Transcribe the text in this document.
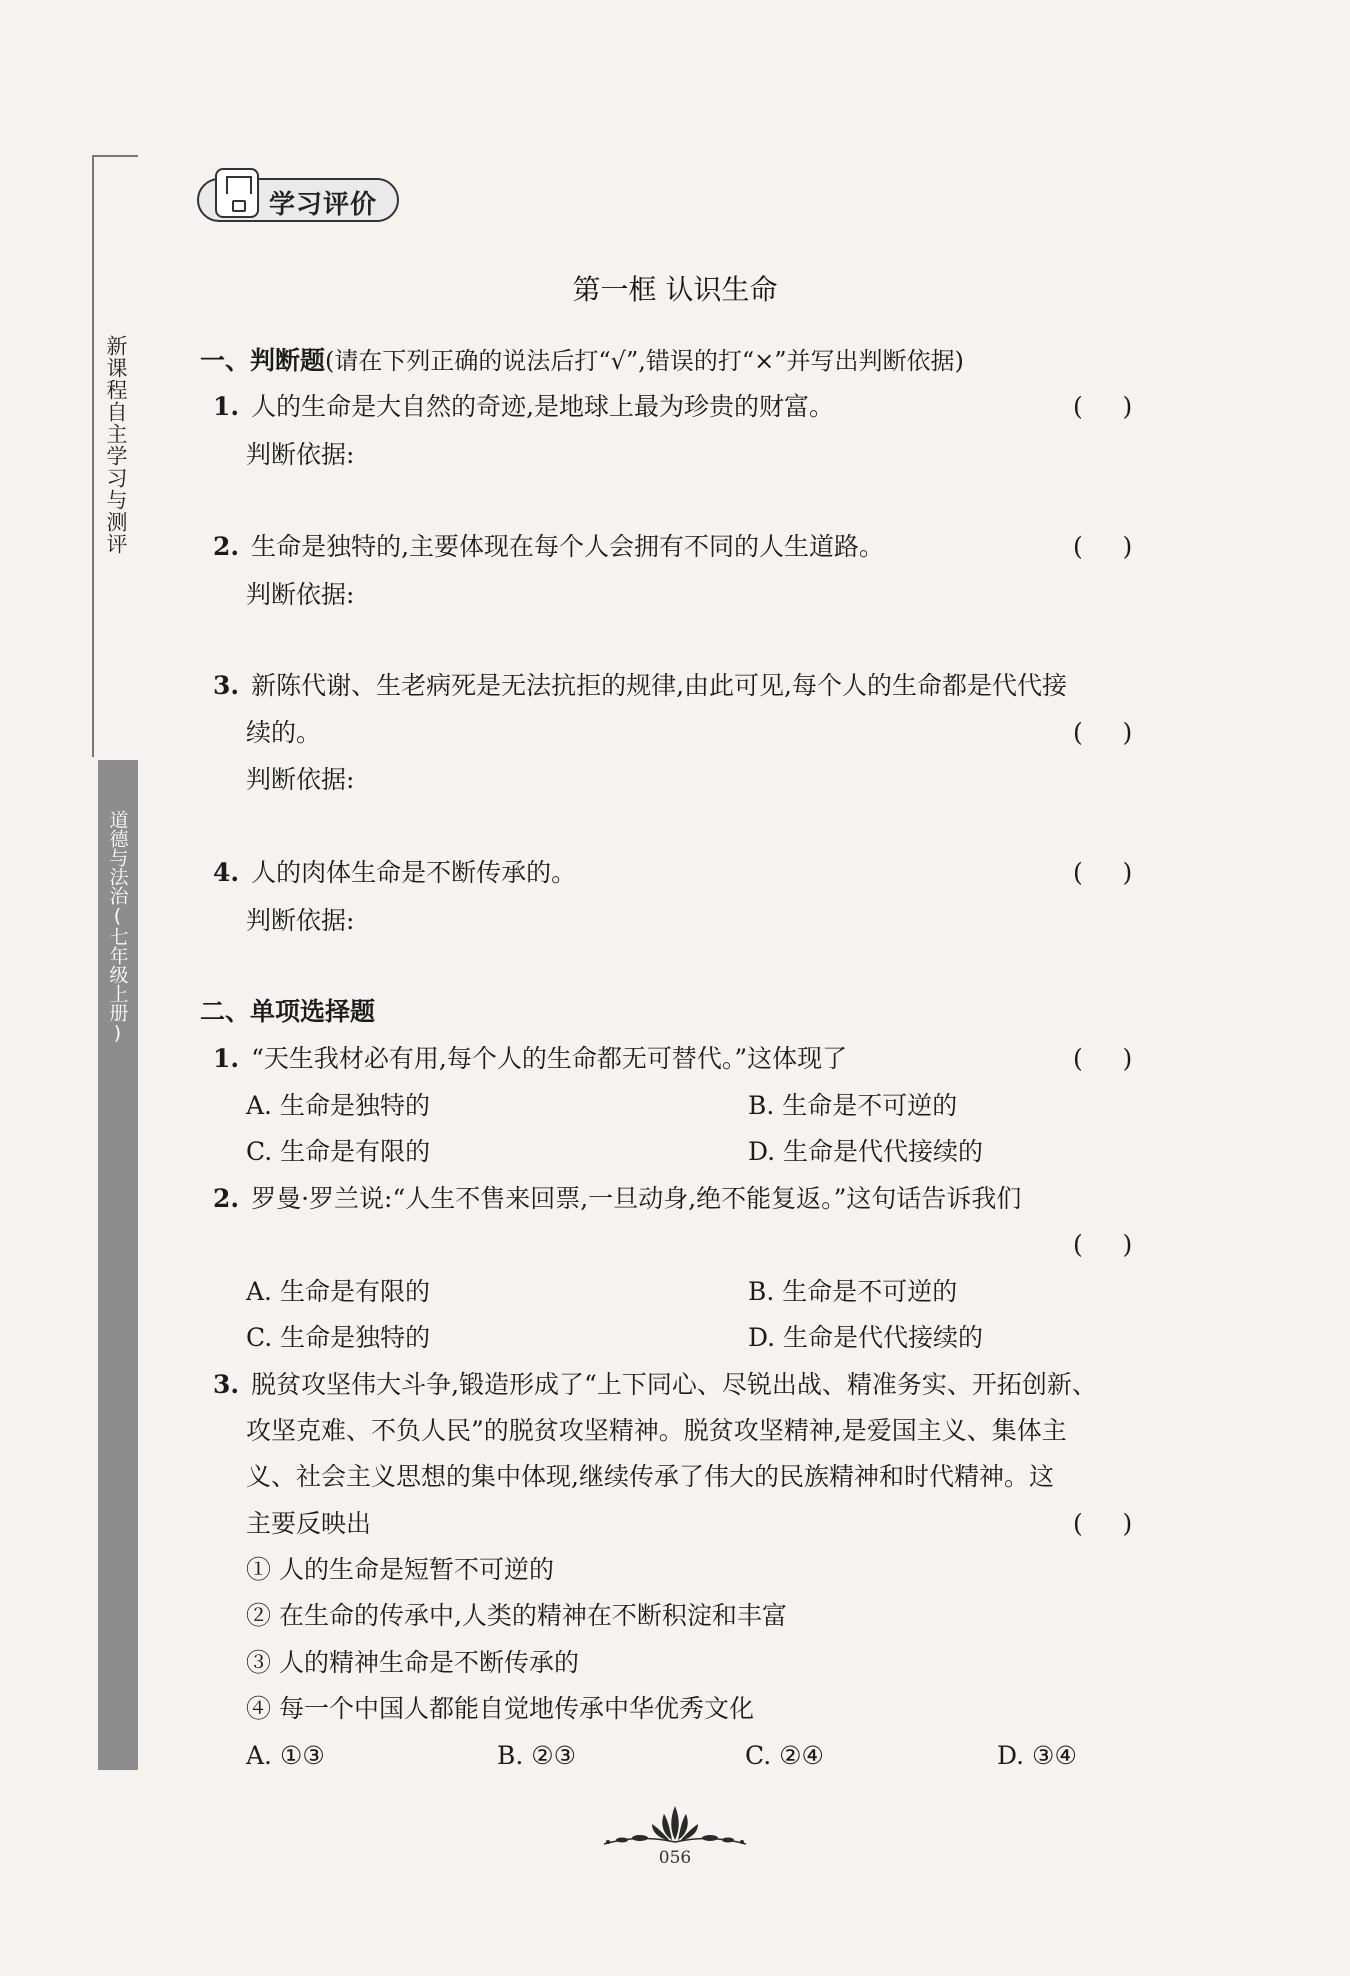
新课程自主学习与测评
道德与法治(七年级上册)
学习评价
第一框 认识生命
一、判断题(请在下列正确的说法后打“√”,错误的打“×”并写出判断依据)
1. 人的生命是大自然的奇迹,是地球上最为珍贵的财富。	(     )
判断依据:
2. 生命是独特的,主要体现在每个人会拥有不同的人生道路。	(     )
判断依据:
3. 新陈代谢、生老病死是无法抗拒的规律,由此可见,每个人的生命都是代代接
续的。	(     )
判断依据:
4. 人的肉体生命是不断传承的。	(     )
判断依据:
二、单项选择题
1. “天生我材必有用,每个人的生命都无可替代。”这体现了	(     )
A. 生命是独特的	B. 生命是不可逆的
C. 生命是有限的	D. 生命是代代接续的
2. 罗曼·罗兰说:“人生不售来回票,一旦动身,绝不能复返。”这句话告诉我们
(     )
A. 生命是有限的	B. 生命是不可逆的
C. 生命是独特的	D. 生命是代代接续的
3. 脱贫攻坚伟大斗争,锻造形成了“上下同心、尽锐出战、精准务实、开拓创新、
攻坚克难、不负人民”的脱贫攻坚精神。脱贫攻坚精神,是爱国主义、集体主
义、社会主义思想的集中体现,继续传承了伟大的民族精神和时代精神。这
主要反映出	(     )
① 人的生命是短暂不可逆的
② 在生命的传承中,人类的精神在不断积淀和丰富
③ 人的精神生命是不断传承的
④ 每一个中国人都能自觉地传承中华优秀文化
A. ①③	B. ②③	C. ②④	D. ③④
056
